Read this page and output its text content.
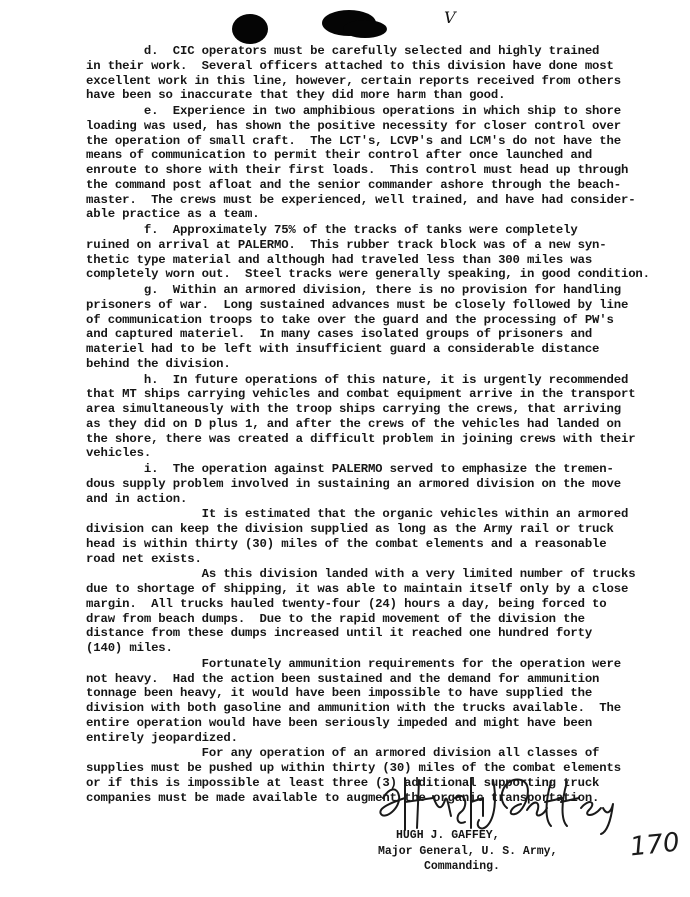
V
d.  CIC operators must be carefully selected and highly trained
in their work.  Several officers attached to this division have done most
excellent work in this line, however, certain reports received from others
have been so inaccurate that they did more harm than good.
e.  Experience in two amphibious operations in which ship to shore
loading was used, has shown the positive necessity for closer control over
the operation of small craft.  The LCT's, LCVP's and LCM's do not have the
means of communication to permit their control after once launched and
enroute to shore with their first loads.  This control must head up through
the command post afloat and the senior commander ashore through the beach-
master.  The crews must be experienced, well trained, and have had consider-
able practice as a team.
f.  Approximately 75% of the tracks of tanks were completely
ruined on arrival at PALERMO.  This rubber track block was of a new syn-
thetic type material and although had traveled less than 300 miles was
completely worn out.  Steel tracks were generally speaking, in good condition.
g.  Within an armored division, there is no provision for handling
prisoners of war.  Long sustained advances must be closely followed by line
of communication troops to take over the guard and the processing of PW's
and captured materiel.  In many cases isolated groups of prisoners and
materiel had to be left with insufficient guard a considerable distance
behind the division.
h.  In future operations of this nature, it is urgently recommended
that MT ships carrying vehicles and combat equipment arrive in the transport
area simultaneously with the troop ships carrying the crews, that arriving
as they did on D plus 1, and after the crews of the vehicles had landed on
the shore, there was created a difficult problem in joining crews with their
vehicles.
i.  The operation against PALERMO served to emphasize the tremen-
dous supply problem involved in sustaining an armored division on the move
and in action.
It is estimated that the organic vehicles within an armored
division can keep the division supplied as long as the Army rail or truck
head is within thirty (30) miles of the combat elements and a reasonable
road net exists.
As this division landed with a very limited number of trucks
due to shortage of shipping, it was able to maintain itself only by a close
margin.  All trucks hauled twenty-four (24) hours a day, being forced to
draw from beach dumps.  Due to the rapid movement of the division the
distance from these dumps increased until it reached one hundred forty
(140) miles.
Fortunately ammunition requirements for the operation were
not heavy.  Had the action been sustained and the demand for ammunition
tonnage been heavy, it would have been impossible to have supplied the
division with both gasoline and ammunition with the trucks available.  The
entire operation would have been seriously impeded and might have been
entirely jeopardized.
For any operation of an armored division all classes of
supplies must be pushed up within thirty (30) miles of the combat elements
or if this is impossible at least three (3) additional supporting truck
companies must be made available to augment the organic transportation.
HUGH J. GAFFEY,
Major General, U. S. Army,
Commanding.
170
